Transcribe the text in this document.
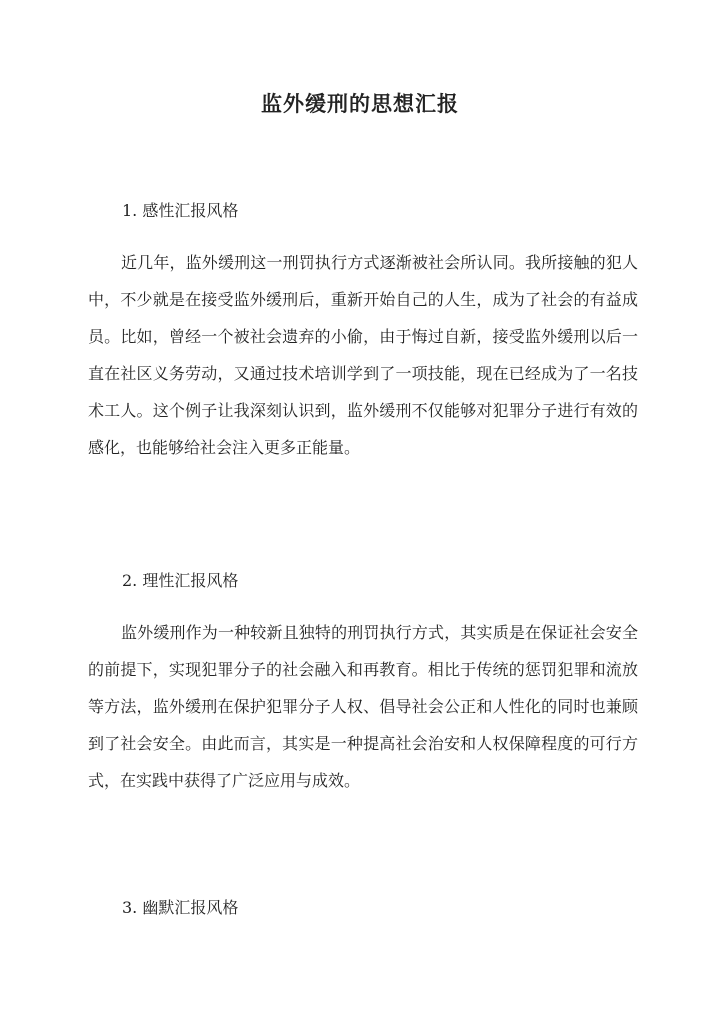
监外缓刑的思想汇报
1. 感性汇报风格

近几年，监外缓刑这一刑罚执行方式逐渐被社会所认同。我所接触的犯人中，不少就是在接受监外缓刑后，重新开始自己的人生，成为了社会的有益成员。比如，曾经一个被社会遗弃的小偷，由于悔过自新，接受监外缓刑以后一直在社区义务劳动，又通过技术培训学到了一项技能，现在已经成为了一名技术工人。这个例子让我深刻认识到，监外缓刑不仅能够对犯罪分子进行有效的感化，也能够给社会注入更多正能量。

2. 理性汇报风格

监外缓刑作为一种较新且独特的刑罚执行方式，其实质是在保证社会安全的前提下，实现犯罪分子的社会融入和再教育。相比于传统的惩罚犯罪和流放等方法，监外缓刑在保护犯罪分子人权、倡导社会公正和人性化的同时也兼顾到了社会安全。由此而言，其实是一种提高社会治安和人权保障程度的可行方式，在实践中获得了广泛应用与成效。

3. 幽默汇报风格
